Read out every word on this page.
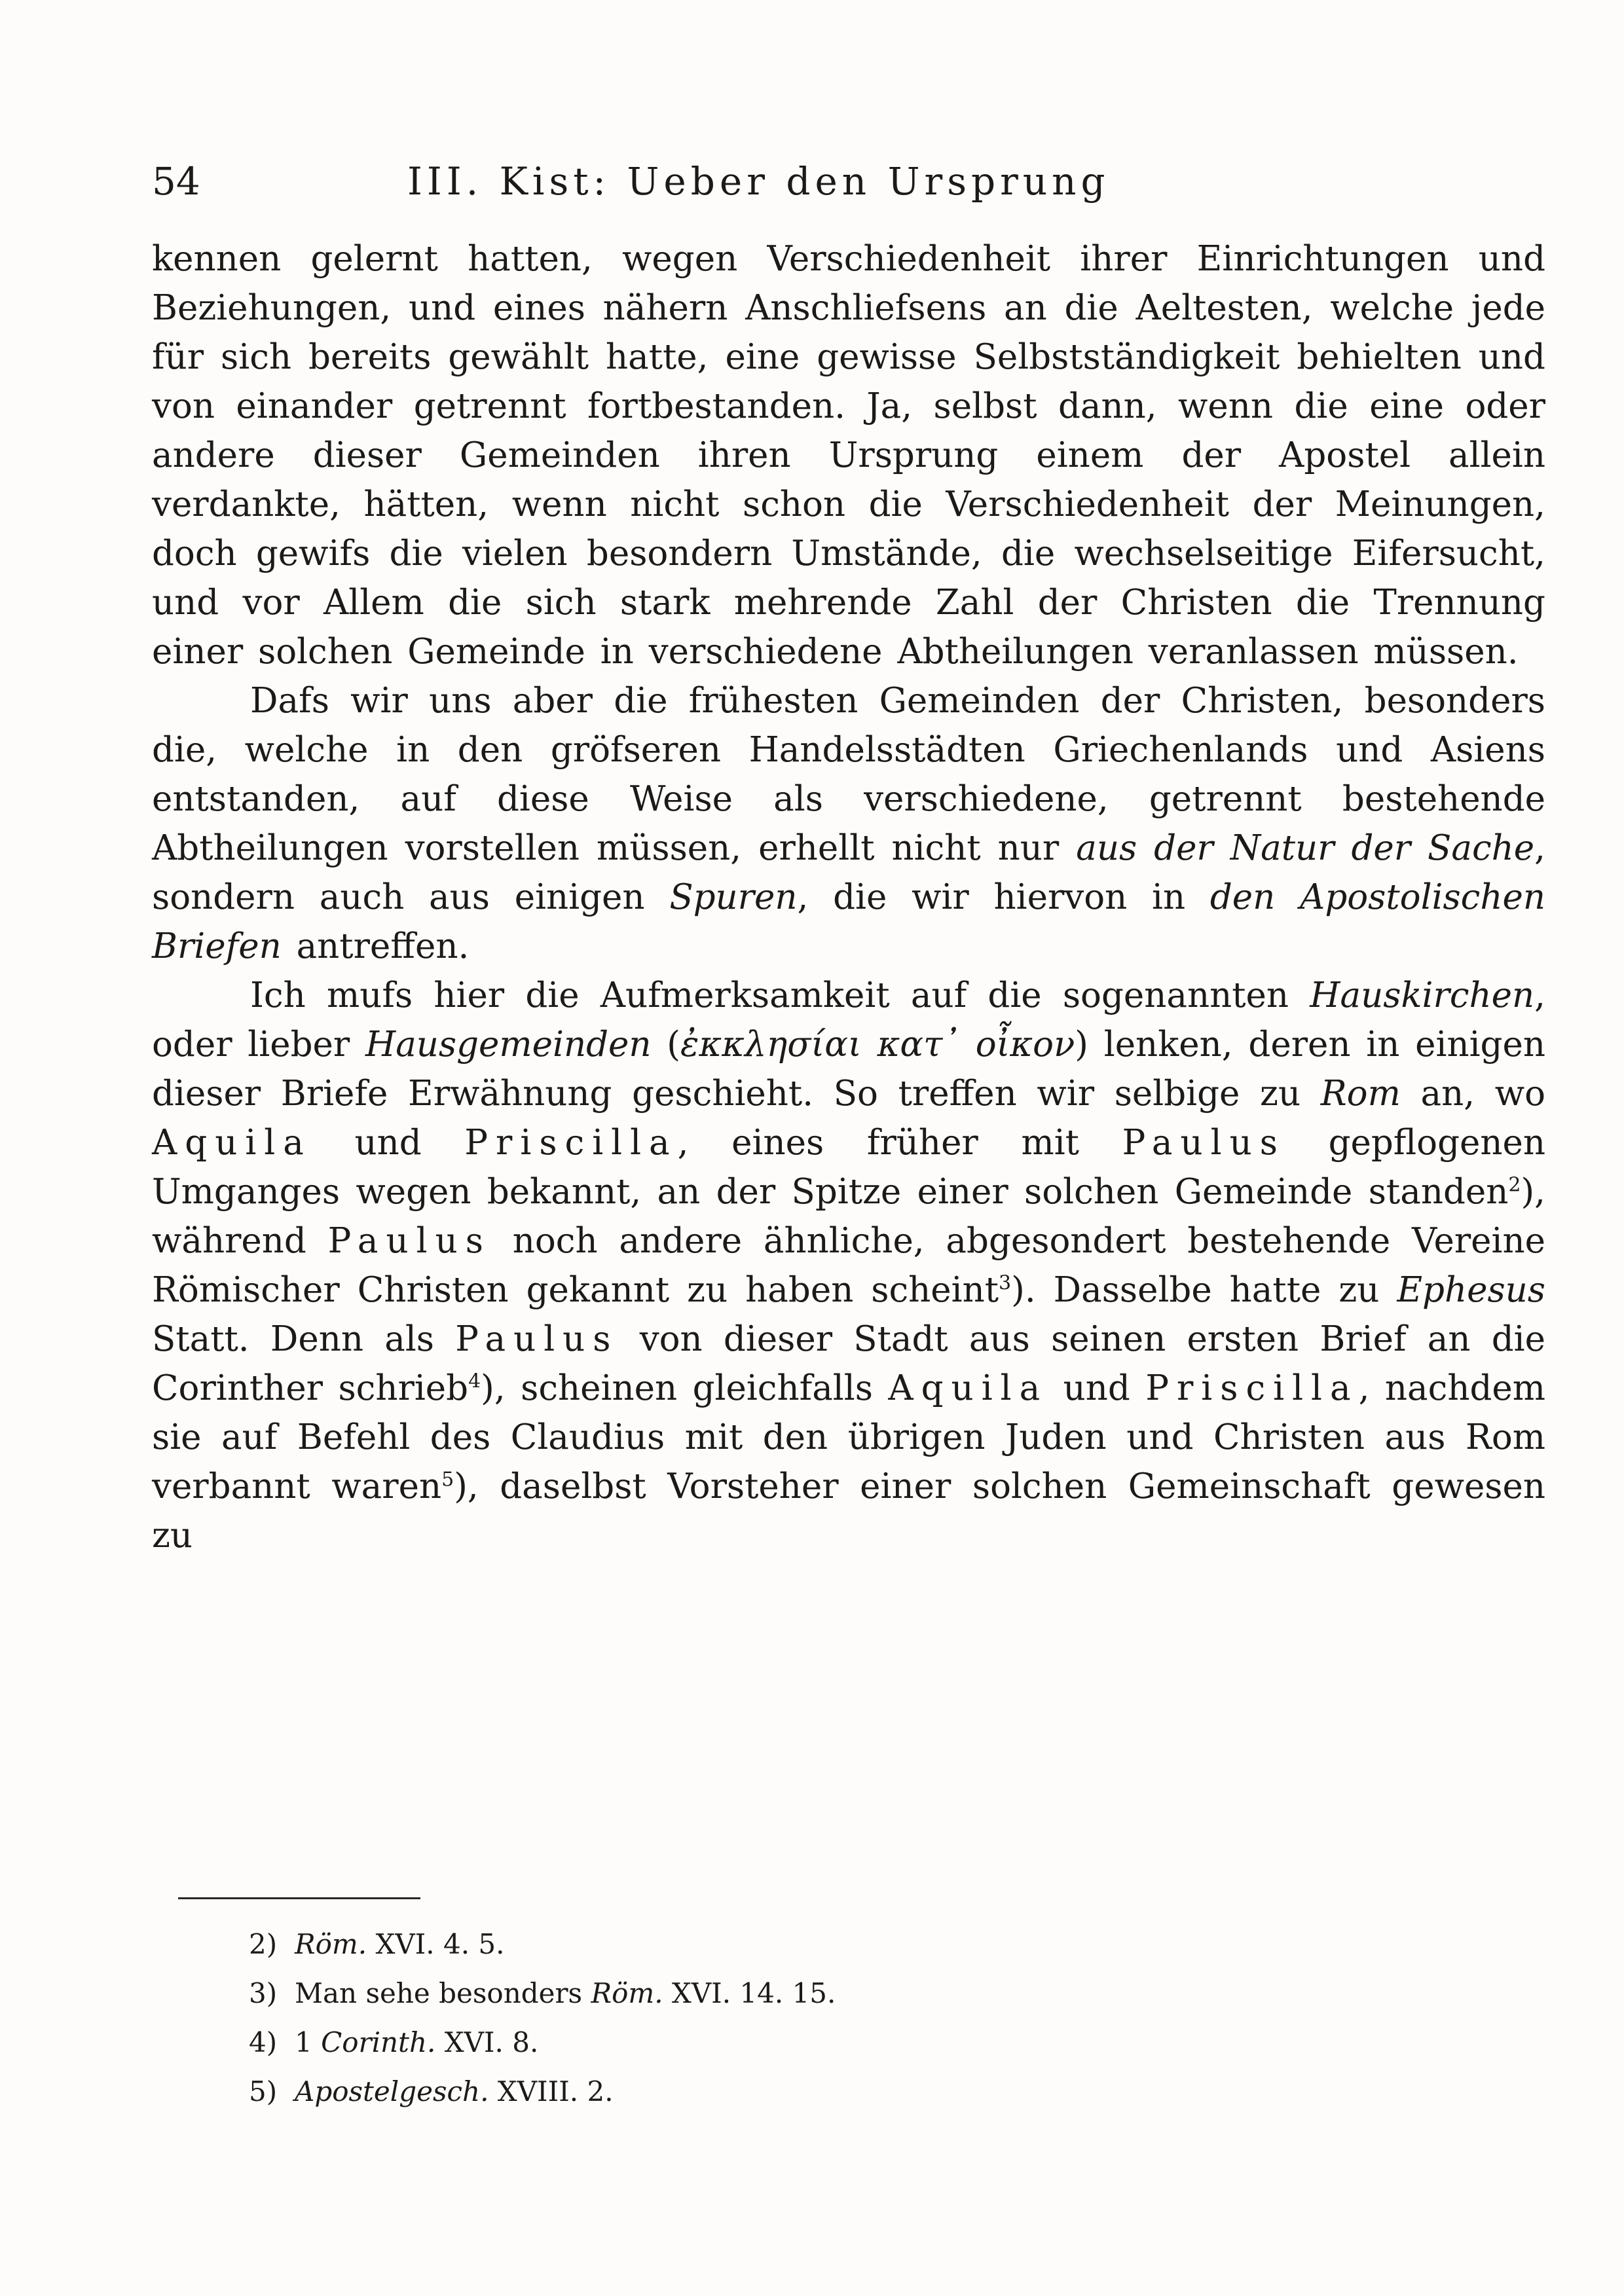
54	III. Kist: Ueber den Ursprung

kennen gelernt hatten, wegen Verschiedenheit ihrer Einrichtungen und Beziehungen, und eines nähern Anschliefsens an die Aeltesten, welche jede für sich bereits gewählt hatte, eine gewisse Selbstständigkeit behielten und von einander getrennt fortbestanden. Ja, selbst dann, wenn die eine oder andere dieser Gemeinden ihren Ursprung einem der Apostel allein verdankte, hätten, wenn nicht schon die Verschiedenheit der Meinungen, doch gewifs die vielen besondern Umstände, die wechselseitige Eifersucht, und vor Allem die sich stark mehrende Zahl der Christen die Trennung einer solchen Gemeinde in verschiedene Abtheilungen veranlassen müssen.

Dafs wir uns aber die frühesten Gemeinden der Christen, besonders die, welche in den gröfseren Handelsstädten Griechenlands und Asiens entstanden, auf diese Weise als verschiedene, getrennt bestehende Abtheilungen vorstellen müssen, erhellt nicht nur aus der Natur der Sache, sondern auch aus einigen Spuren, die wir hiervon in den Apostolischen Briefen antreffen.

Ich mufs hier die Aufmerksamkeit auf die sogenannten Hauskirchen, oder lieber Hausgemeinden (ἐκκλησίαι κατ᾽ οἶκον) lenken, deren in einigen dieser Briefe Erwähnung geschieht. So treffen wir selbige zu Rom an, wo Aquila und Priscilla, eines früher mit Paulus gepflogenen Umganges wegen bekannt, an der Spitze einer solchen Gemeinde standen$^2$), während Paulus noch andere ähnliche, abgesondert bestehende Vereine Römischer Christen gekannt zu haben scheint$^3$). Dasselbe hatte zu Ephesus Statt. Denn als Paulus von dieser Stadt aus seinen ersten Brief an die Corinther schrieb$^4$), scheinen gleichfalls Aquila und Priscilla, nachdem sie auf Befehl des Claudius mit den übrigen Juden und Christen aus Rom verbannt waren$^5$), daselbst Vorsteher einer solchen Gemeinschaft gewesen zu

2) Röm. XVI. 4. 5.
3) Man sehe besonders Röm. XVI. 14. 15.
4) 1 Corinth. XVI. 8.
5) Apostelgesch. XVIII. 2.
